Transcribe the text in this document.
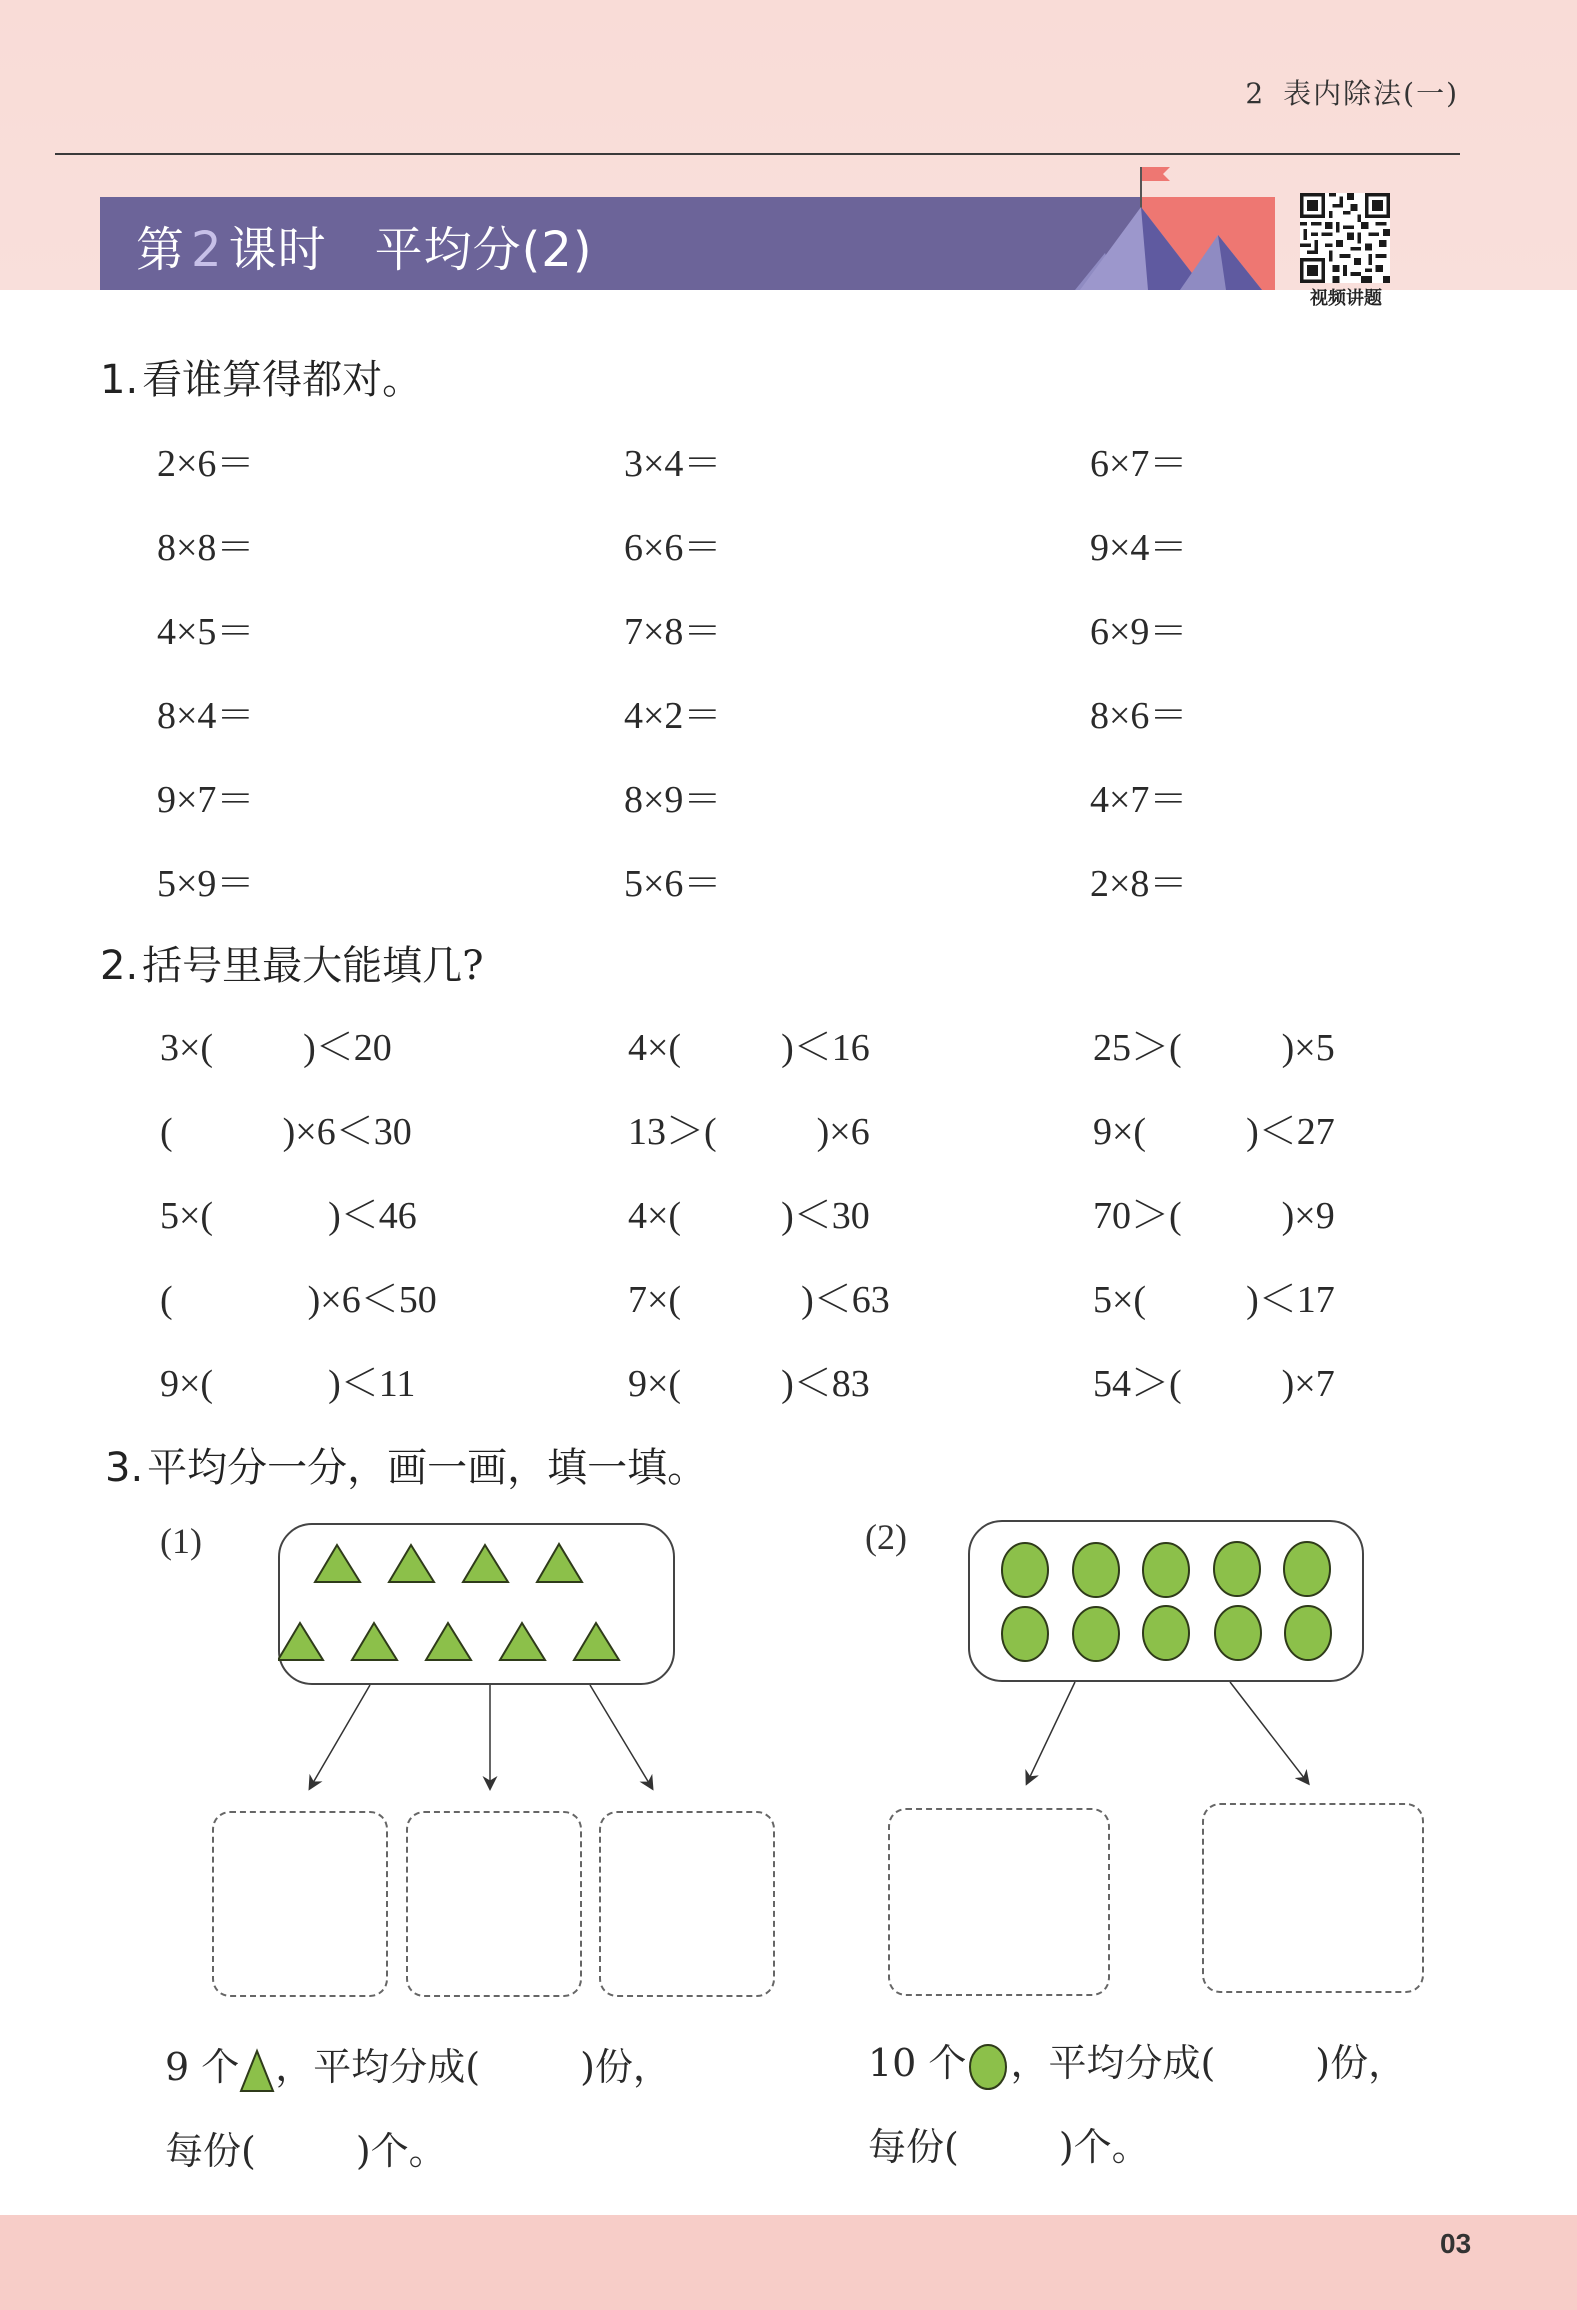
2 表内除法(一)
第 2 课时 平均分(2)
视频讲题
1. 看谁算得都对。
2×6＝	3×4＝	6×7＝
8×8＝	6×6＝	9×4＝
4×5＝	7×8＝	6×9＝
8×4＝	4×2＝	8×6＝
9×7＝	8×9＝	4×7＝
5×9＝	5×6＝	2×8＝
2. 括号里最大能填几?
3×( )＜20	4×(	)＜16	25＞(	)×5
(	)×6＜30	13＞(	)×6	9×(	)＜27
5×(	)＜46	4×(	)＜30	70＞(	)×9
(	)×6＜50	7×(	)＜63	5×(	)＜17
9×(	)＜11	9×(	)＜83	54＞(	)×7
3. 平均分一分，画一画，填一填。
(1)
9 个 ，平均分成(	)份，
每份(	)个。
(2)
10 个 ，平均分成(	)份，
每份(	)个。
03
